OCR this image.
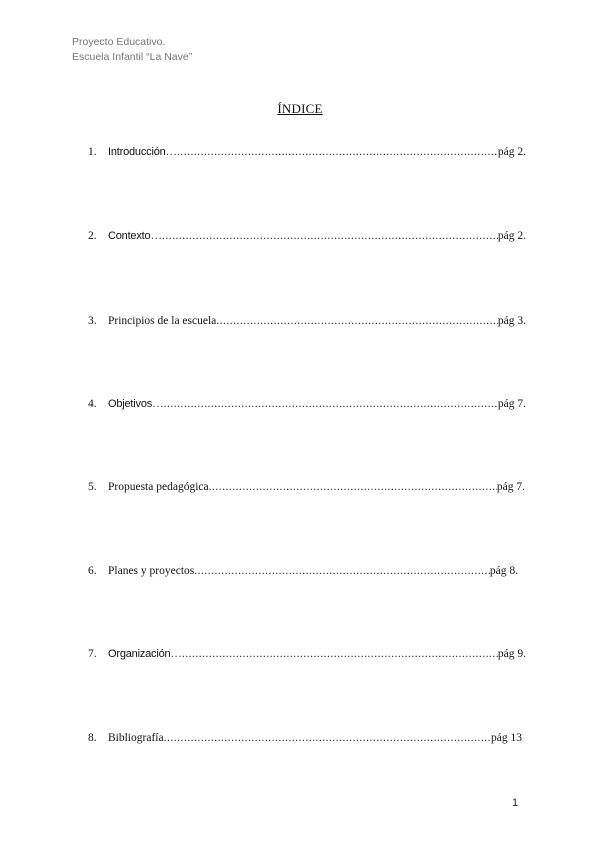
Proyecto Educativo.
Escuela Infantil “La Nave”
ÍNDICE
1.	Introducción … .....	pág 2.
2.	Contexto … .....	pág 2.
3. Principios de la escuela .....	pág 3.
4.	Objetivos … .....	pág 7.
5. Propuesta pedagógica .....	pág 7.
6. Planes y proyectos .....	pág 8.
7.	Organización … .....	pág 9.
8. Bibliografía .....	pág 13
1
